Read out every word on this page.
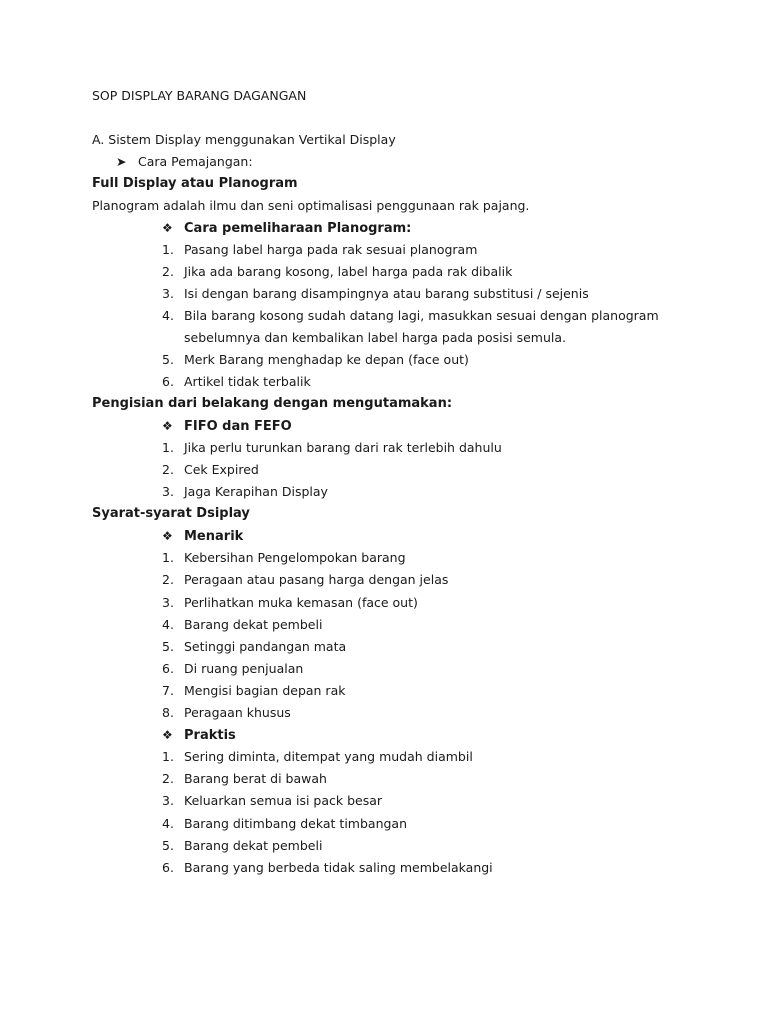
SOP DISPLAY BARANG DAGANGAN
A. Sistem Display menggunakan Vertikal Display
➤ Cara Pemajangan:
Full Display atau Planogram
Planogram adalah ilmu dan seni optimalisasi penggunaan rak pajang.
❖ Cara pemeliharaan Planogram:
1. Pasang label harga pada rak sesuai planogram
2. Jika ada barang kosong, label harga pada rak dibalik
3. Isi dengan barang disampingnya atau barang substitusi / sejenis
4. Bila barang kosong sudah datang lagi, masukkan sesuai dengan planogram
sebelumnya dan kembalikan label harga pada posisi semula.
5. Merk Barang menghadap ke depan (face out)
6. Artikel tidak terbalik
Pengisian dari belakang dengan mengutamakan:
❖ FIFO dan FEFO
1. Jika perlu turunkan barang dari rak terlebih dahulu
2. Cek Expired
3. Jaga Kerapihan Display
Syarat-syarat Dsiplay
❖ Menarik
1. Kebersihan Pengelompokan barang
2. Peragaan atau pasang harga dengan jelas
3. Perlihatkan muka kemasan (face out)
4. Barang dekat pembeli
5. Setinggi pandangan mata
6. Di ruang penjualan
7. Mengisi bagian depan rak
8. Peragaan khusus
❖ Praktis
1. Sering diminta, ditempat yang mudah diambil
2. Barang berat di bawah
3. Keluarkan semua isi pack besar
4. Barang ditimbang dekat timbangan
5. Barang dekat pembeli
6. Barang yang berbeda tidak saling membelakangi
